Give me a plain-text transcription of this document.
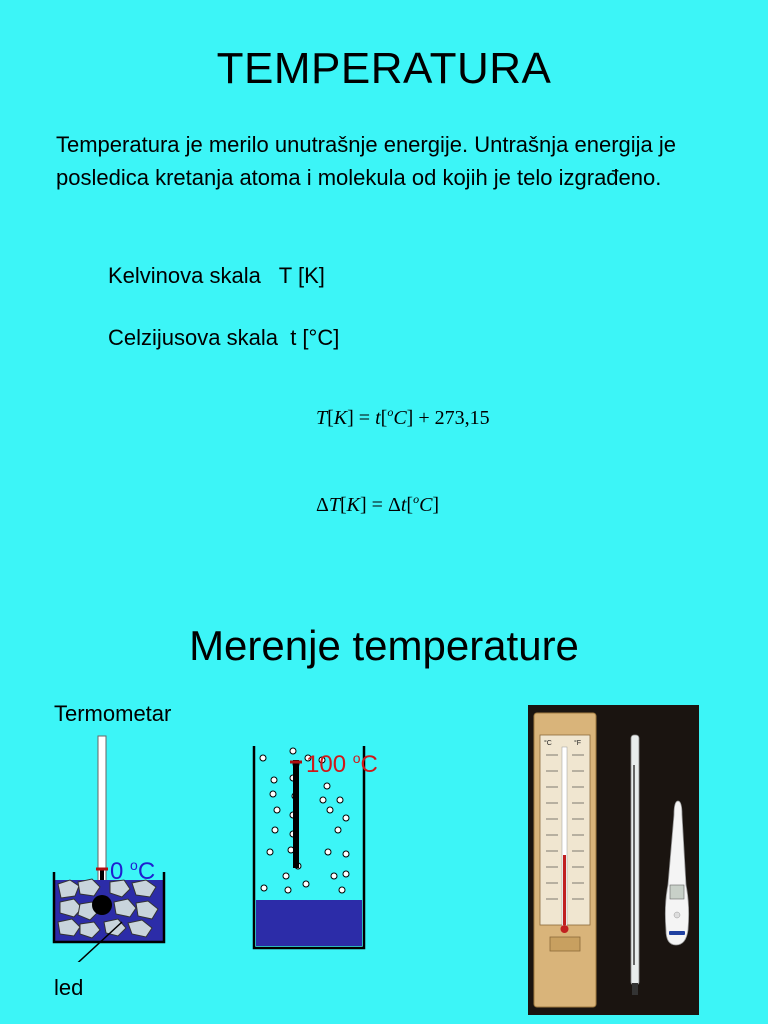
TEMPERATURA
Temperatura je merilo unutrašnje energije. Untrašnja energija je posledica kretanja atoma i molekula od kojih je telo izgrađeno.
Kelvinova skala   T [K]
Celzijusova skala  t [°C]
T[K] = t[$^o$C] + 273,15
ΔT[K] = Δt[$^o$C]
Merenje temperature
Termometar
0 $^o$C
led
100 $^o$C
°C	°F
